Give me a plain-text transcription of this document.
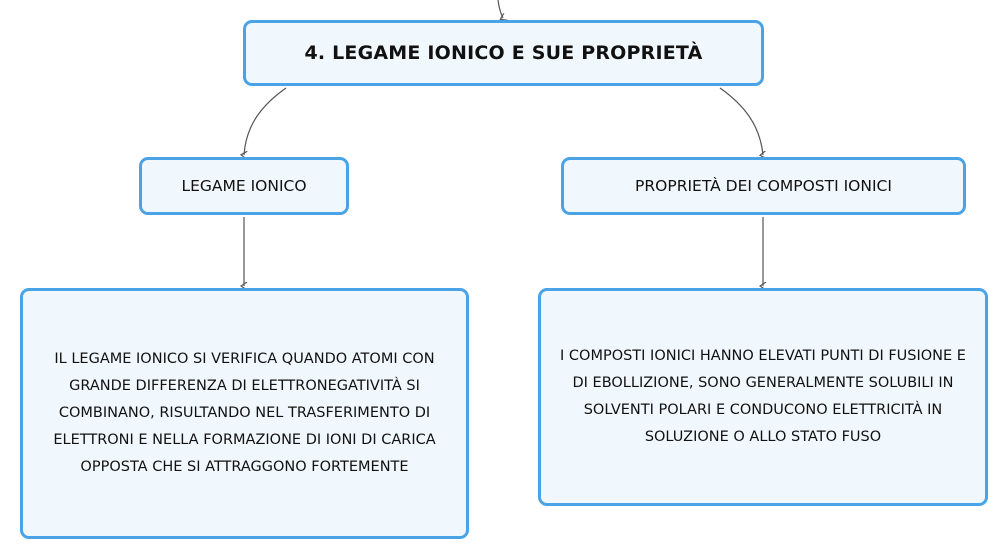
4. LEGAME IONICO E SUE PROPRIETÀ
LEGAME IONICO	PROPRIETÀ DEI COMPOSTI IONICI
IL LEGAME IONICO SI VERIFICA QUANDO ATOMI CON GRANDE DIFFERENZA DI ELETTRONEGATIVITÀ SI COMBINANO, RISULTANDO NEL TRASFERIMENTO DI ELETTRONI E NELLA FORMAZIONE DI IONI DI CARICA OPPOSTA CHE SI ATTRAGGONO FORTEMENTE
I COMPOSTI IONICI HANNO ELEVATI PUNTI DI FUSIONE E DI EBOLLIZIONE, SONO GENERALMENTE SOLUBILI IN SOLVENTI POLARI E CONDUCONO ELETTRICITÀ IN SOLUZIONE O ALLO STATO FUSO
